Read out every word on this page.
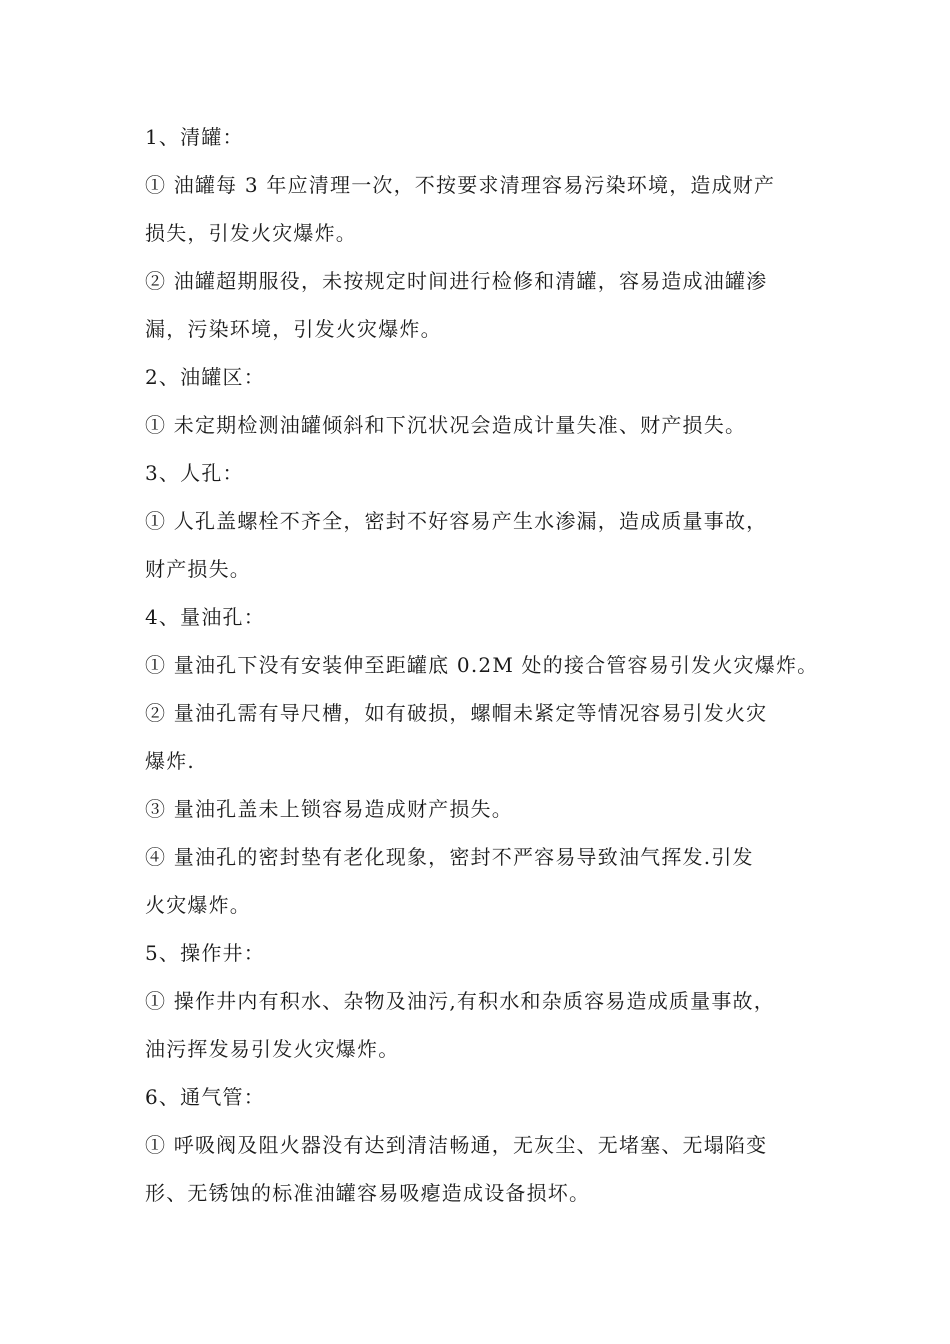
1、清罐：
① 油罐每 3 年应清理一次，不按要求清理容易污染环境，造成财产
损失，引发火灾爆炸。
② 油罐超期服役，未按规定时间进行检修和清罐，容易造成油罐渗
漏，污染环境，引发火灾爆炸。
2、油罐区：
① 未定期检测油罐倾斜和下沉状况会造成计量失准、财产损失。
3、人孔：
① 人孔盖螺栓不齐全，密封不好容易产生水渗漏，造成质量事故，
财产损失。
4、量油孔：
① 量油孔下没有安装伸至距罐底 0.2M 处的接合管容易引发火灾爆炸。
② 量油孔需有导尺槽，如有破损，螺帽未紧定等情况容易引发火灾
爆炸.
③ 量油孔盖未上锁容易造成财产损失。
④ 量油孔的密封垫有老化现象，密封不严容易导致油气挥发.引发
火灾爆炸。
5、操作井：
① 操作井内有积水、杂物及油污,有积水和杂质容易造成质量事故，
油污挥发易引发火灾爆炸。
6、通气管：
① 呼吸阀及阻火器没有达到清洁畅通，无灰尘、无堵塞、无塌陷变
形、无锈蚀的标准油罐容易吸瘪造成设备损坏。
